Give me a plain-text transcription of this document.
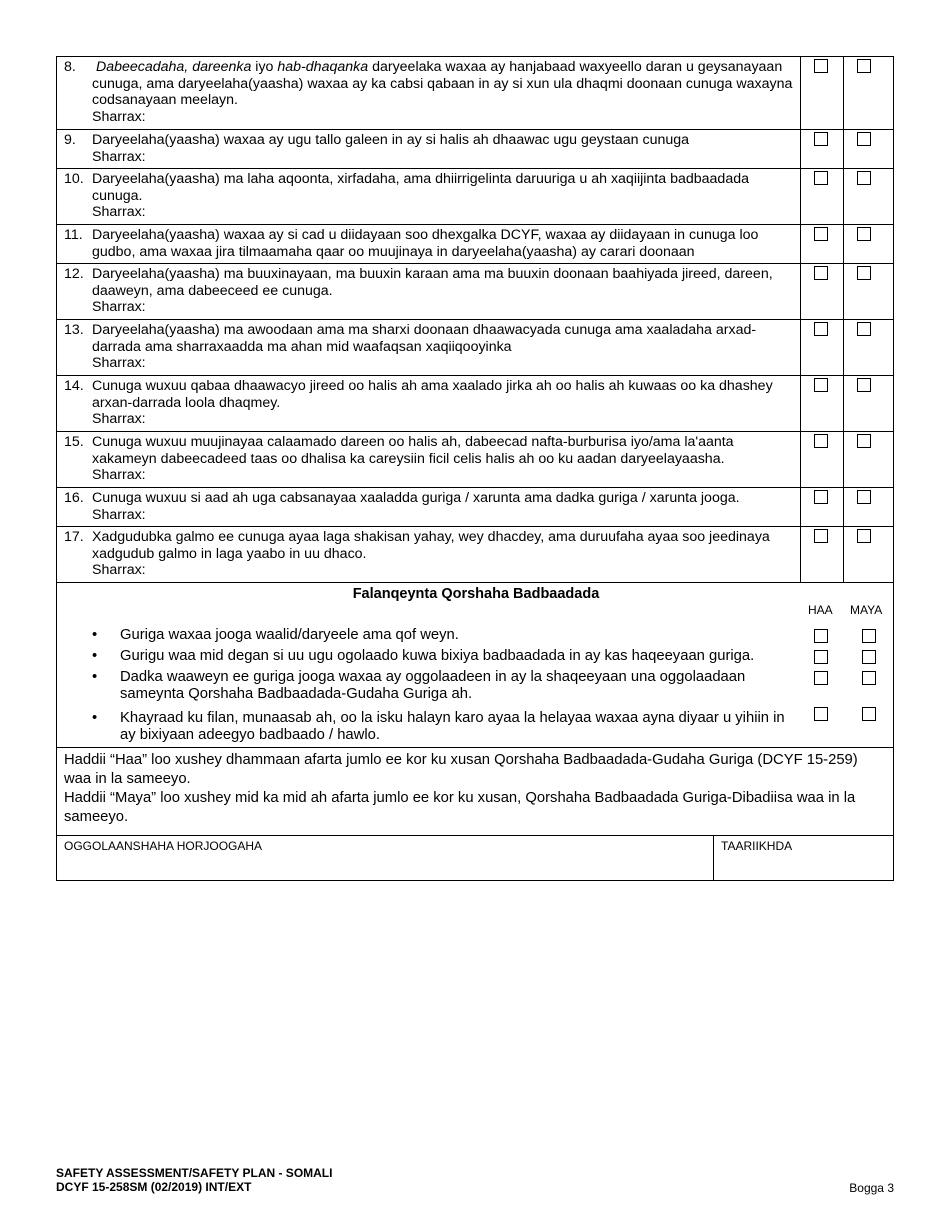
8.	Dabeecadaha, dareenka iyo hab-dhaqanka daryeelaka waxaa ay hanjabaad waxyeello daran u geysanayaan cunuga, ama daryeelaha(yaasha) waxaa ay ka cabsi qabaan in ay si xun ula dhaqmi doonaan cunuga waxayna codsanayaan meelayn.
Sharrax:
9.	Daryeelaha(yaasha) waxaa ay ugu tallo galeen in ay si halis ah dhaawac ugu geystaan cunuga
Sharrax:
10. Daryeelaha(yaasha) ma laha aqoonta, xirfadaha, ama dhiirrigelinta daruuriga u ah xaqiijinta badbaadada cunuga.
Sharrax:
11. Daryeelaha(yaasha) waxaa ay si cad u diidayaan soo dhexgalka DCYF, waxaa ay diidayaan in cunuga loo gudbo, ama waxaa jira tilmaamaha qaar oo muujinaya in daryeelaha(yaasha) ay carari doonaan
12. Daryeelaha(yaasha) ma buuxinayaan, ma buuxin karaan ama ma buuxin doonaan baahiyada jireed, dareen, daaweyn, ama dabeeceed ee cunuga.
Sharrax:
13. Daryeelaha(yaasha) ma awoodaan ama ma sharxi doonaan dhaawacyada cunuga ama xaaladaha arxad-darrada ama sharraxaadda ma ahan mid waafaqsan xaqiiqooyinka
Sharrax:
14. Cunuga wuxuu qabaa dhaawacyo jireed oo halis ah ama xaalado jirka ah oo halis ah kuwaas oo ka dhashey arxan-darrada loola dhaqmey.
Sharrax:
15. Cunuga wuxuu muujinayaa calaamado dareen oo halis ah, dabeecad nafta-burburisa iyo/ama la'aanta xakameyn dabeecadeed taas oo dhalisa ka careysiin ficil celis halis ah oo ku aadan daryeelayaasha.
Sharrax:
16. Cunuga wuxuu si aad ah uga cabsanayaa xaaladda guriga / xarunta ama dadka guriga / xarunta jooga.
Sharrax:
17. Xadgudubka galmo ee cunuga ayaa laga shakisan yahay, wey dhacdey, ama duruufaha ayaa soo jeedinaya xadgudub galmo in laga yaabo in uu dhaco.
Sharrax:
Falanqeynta Qorshaha Badbaadada
HAA MAYA
• Guriga waxaa jooga waalid/daryeele ama qof weyn.
• Gurigu waa mid degan si uu ugu ogolaado kuwa bixiya badbaadada in ay kas haqeeyaan guriga.
• Dadka waaweyn ee guriga jooga waxaa ay oggolaadeen in ay la shaqeeyaan una oggolaadaan sameynta Qorshaha Badbaadada-Gudaha Guriga ah.
• Khayraad ku filan, munaasab ah, oo la isku halayn karo ayaa la helayaa waxaa ayna diyaar u yihiin in ay bixiyaan adeegyo badbaado / hawlo.

Haddii “Haa” loo xushey dhammaan afarta jumlo ee kor ku xusan Qorshaha Badbaadada-Gudaha Guriga (DCYF 15-259) waa in la sameeyo.

Haddii “Maya” loo xushey mid ka mid ah afarta jumlo ee kor ku xusan, Qorshaha Badbaadada Guriga-Dibadiisa waa in la sameeyo.

OGGOLAANSHAHA HORJOOGAHA	TAARIIKHDA
SAFETY ASSESSMENT/SAFETY PLAN - SOMALI
DCYF 15-258SM (02/2019) INT/EXT	Bogga 3
